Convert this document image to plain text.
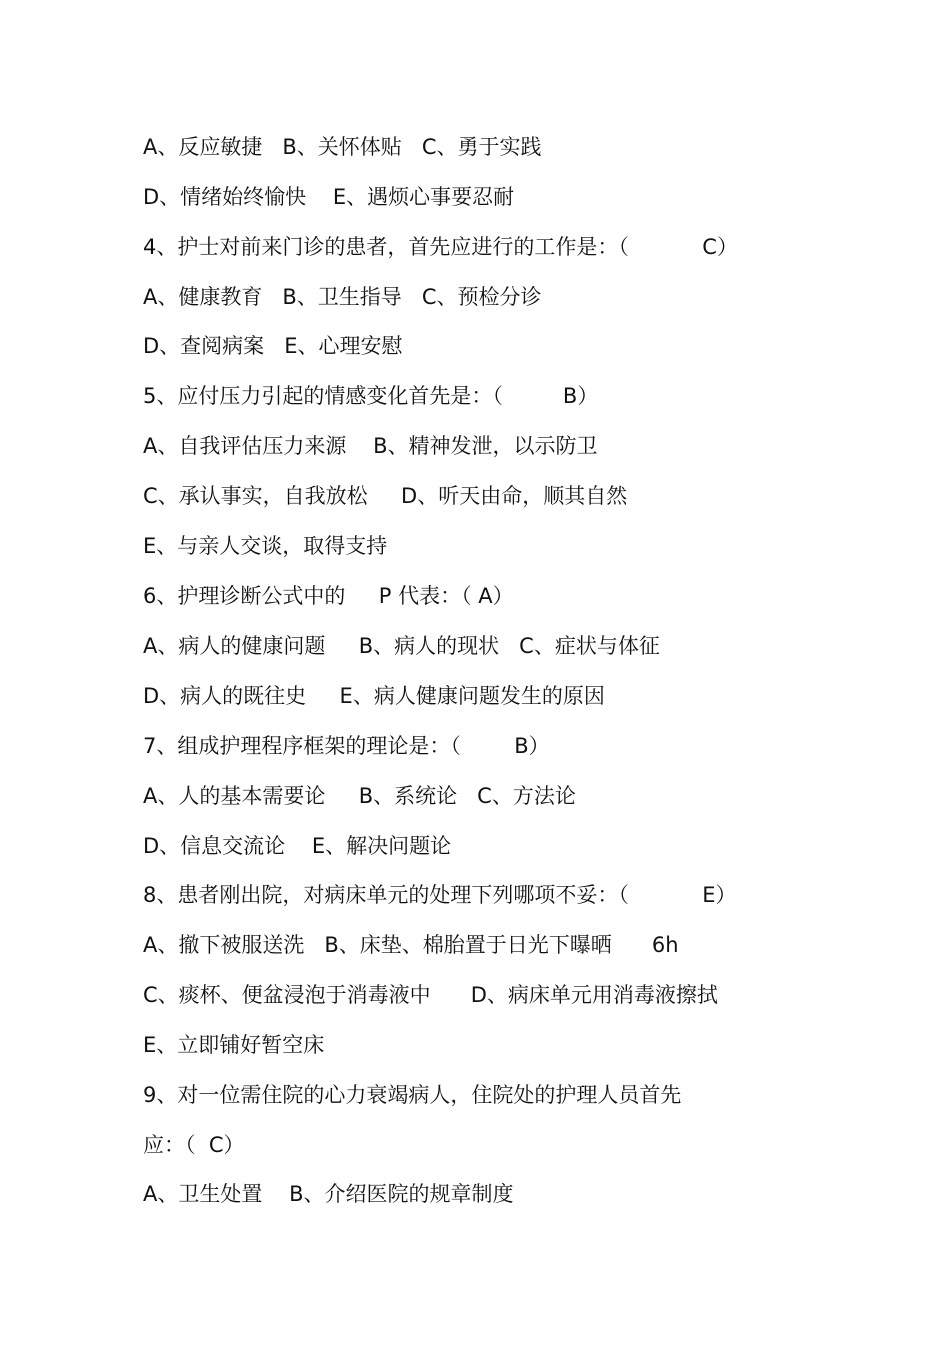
A、反应敏捷   B、关怀体贴   C、勇于实践
D、情绪始终愉快    E、遇烦心事要忍耐
4、护士对前来门诊的患者，首先应进行的工作是：（           C）
A、健康教育   B、卫生指导   C、预检分诊
D、查阅病案   E、心理安慰
5、应付压力引起的情感变化首先是：（         B）
A、自我评估压力来源    B、精神发泄，以示防卫
C、承认事实，自我放松     D、听天由命，顺其自然
E、与亲人交谈，取得支持
6、护理诊断公式中的     P 代表：（ A）
A、病人的健康问题     B、病人的现状   C、症状与体征
D、病人的既往史     E、病人健康问题发生的原因
7、组成护理程序框架的理论是：（        B）
A、人的基本需要论     B、系统论   C、方法论
D、信息交流论    E、解决问题论
8、患者刚出院，对病床单元的处理下列哪项不妥：（           E）
A、撤下被服送洗   B、床垫、棉胎置于日光下曝晒      6h
C、痰杯、便盆浸泡于消毒液中      D、病床单元用消毒液擦拭
E、立即铺好暂空床
9、对一位需住院的心力衰竭病人，住院处的护理人员首先
应：（  C）
A、卫生处置    B、介绍医院的规章制度
